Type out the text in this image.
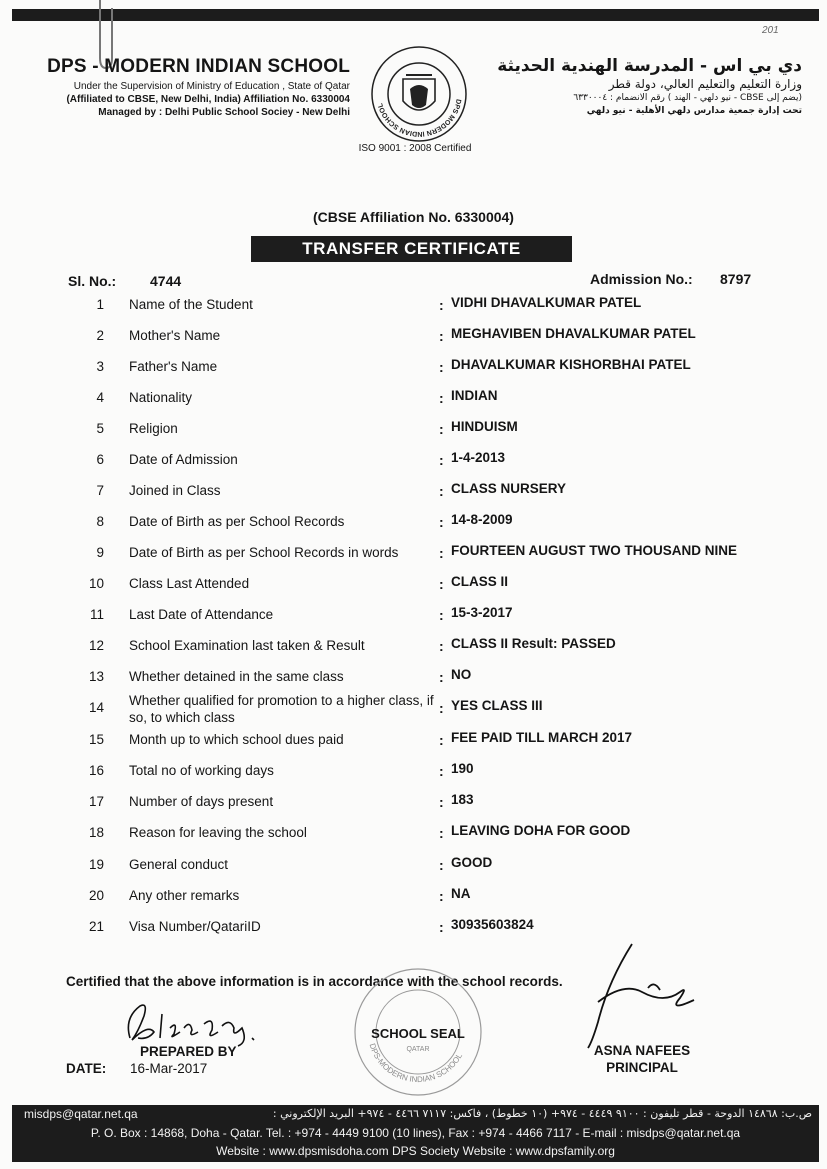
201
DPS - MODERN INDIAN SCHOOL
Under the Supervision of Ministry of Education , State of Qatar
(Affiliated to CBSE, New Delhi, India) Affiliation No. 6330004
Managed by : Delhi Public School Sociey - New Delhi
DPS MODERN INDIAN SCHOOL
ISO 9001 : 2008 Certified
دي بي اس - المدرسة الهندية الحديثة
وزارة التعليم والتعليم العالي، دولة قطر
(يضم إلى CBSE - نيو دلهي - الهند ) رقم الانضمام : ٦٣٣٠٠٠٤
تحت إدارة جمعية مدارس دلهي الأهلية - نيو دلهي
(CBSE Affiliation No. 6330004)
TRANSFER CERTIFICATE
Sl. No.: 4744	Admission No.: 8797
1 Name of the Student	: VIDHI DHAVALKUMAR PATEL
2 Mother's Name	: MEGHAVIBEN DHAVALKUMAR PATEL
3 Father's Name	: DHAVALKUMAR KISHORBHAI PATEL
4 Nationality	: INDIAN
5 Religion	: HINDUISM
6 Date of Admission	: 1-4-2013
7 Joined in Class	: CLASS NURSERY
8 Date of Birth as per School Records	: 14-8-2009
9 Date of Birth as per School Records in words	: FOURTEEN AUGUST TWO THOUSAND NINE
10 Class Last Attended	: CLASS II
11 Last Date of Attendance	: 15-3-2017
12 School Examination last taken & Result	: CLASS II Result: PASSED
13 Whether detained in the same class	: NO
14 Whether qualified for promotion to a higher class, if so, to which class
: YES CLASS III
15 Month up to which school dues paid	: FEE PAID TILL MARCH 2017
16 Total no of working days	: 190
17 Number of days present	: 183
18 Reason for leaving the school	: LEAVING DOHA FOR GOOD
19 General conduct	: GOOD
20 Any other remarks	: NA
21 Visa Number/QatariID	: 30935603824
Certified that the above information is in accordance with the school records.
DPS-MODERN INDIAN SCHOOL
QATAR
SCHOOL SEAL
PREPARED BY
DATE: 16-Mar-2017
ASNA NAFEES
PRINCIPAL
misdps@qatar.net.qa	ص.ب: ١٤٨٦٨ الدوحة - قطر تليفون : ٩١٠٠ ٤٤٤٩ - ٩٧٤+ (١٠ خطوط) ، فاكس: ٧١١٧ ٤٤٦٦ - ٩٧٤+ البريد الإلكتروني :
P. O. Box : 14868, Doha - Qatar. Tel. : +974 - 4449 9100 (10 lines), Fax : +974 - 4466 7117 - E-mail : misdps@qatar.net.qa
Website : www.dpsmisdoha.com DPS Society Website : www.dpsfamily.org
